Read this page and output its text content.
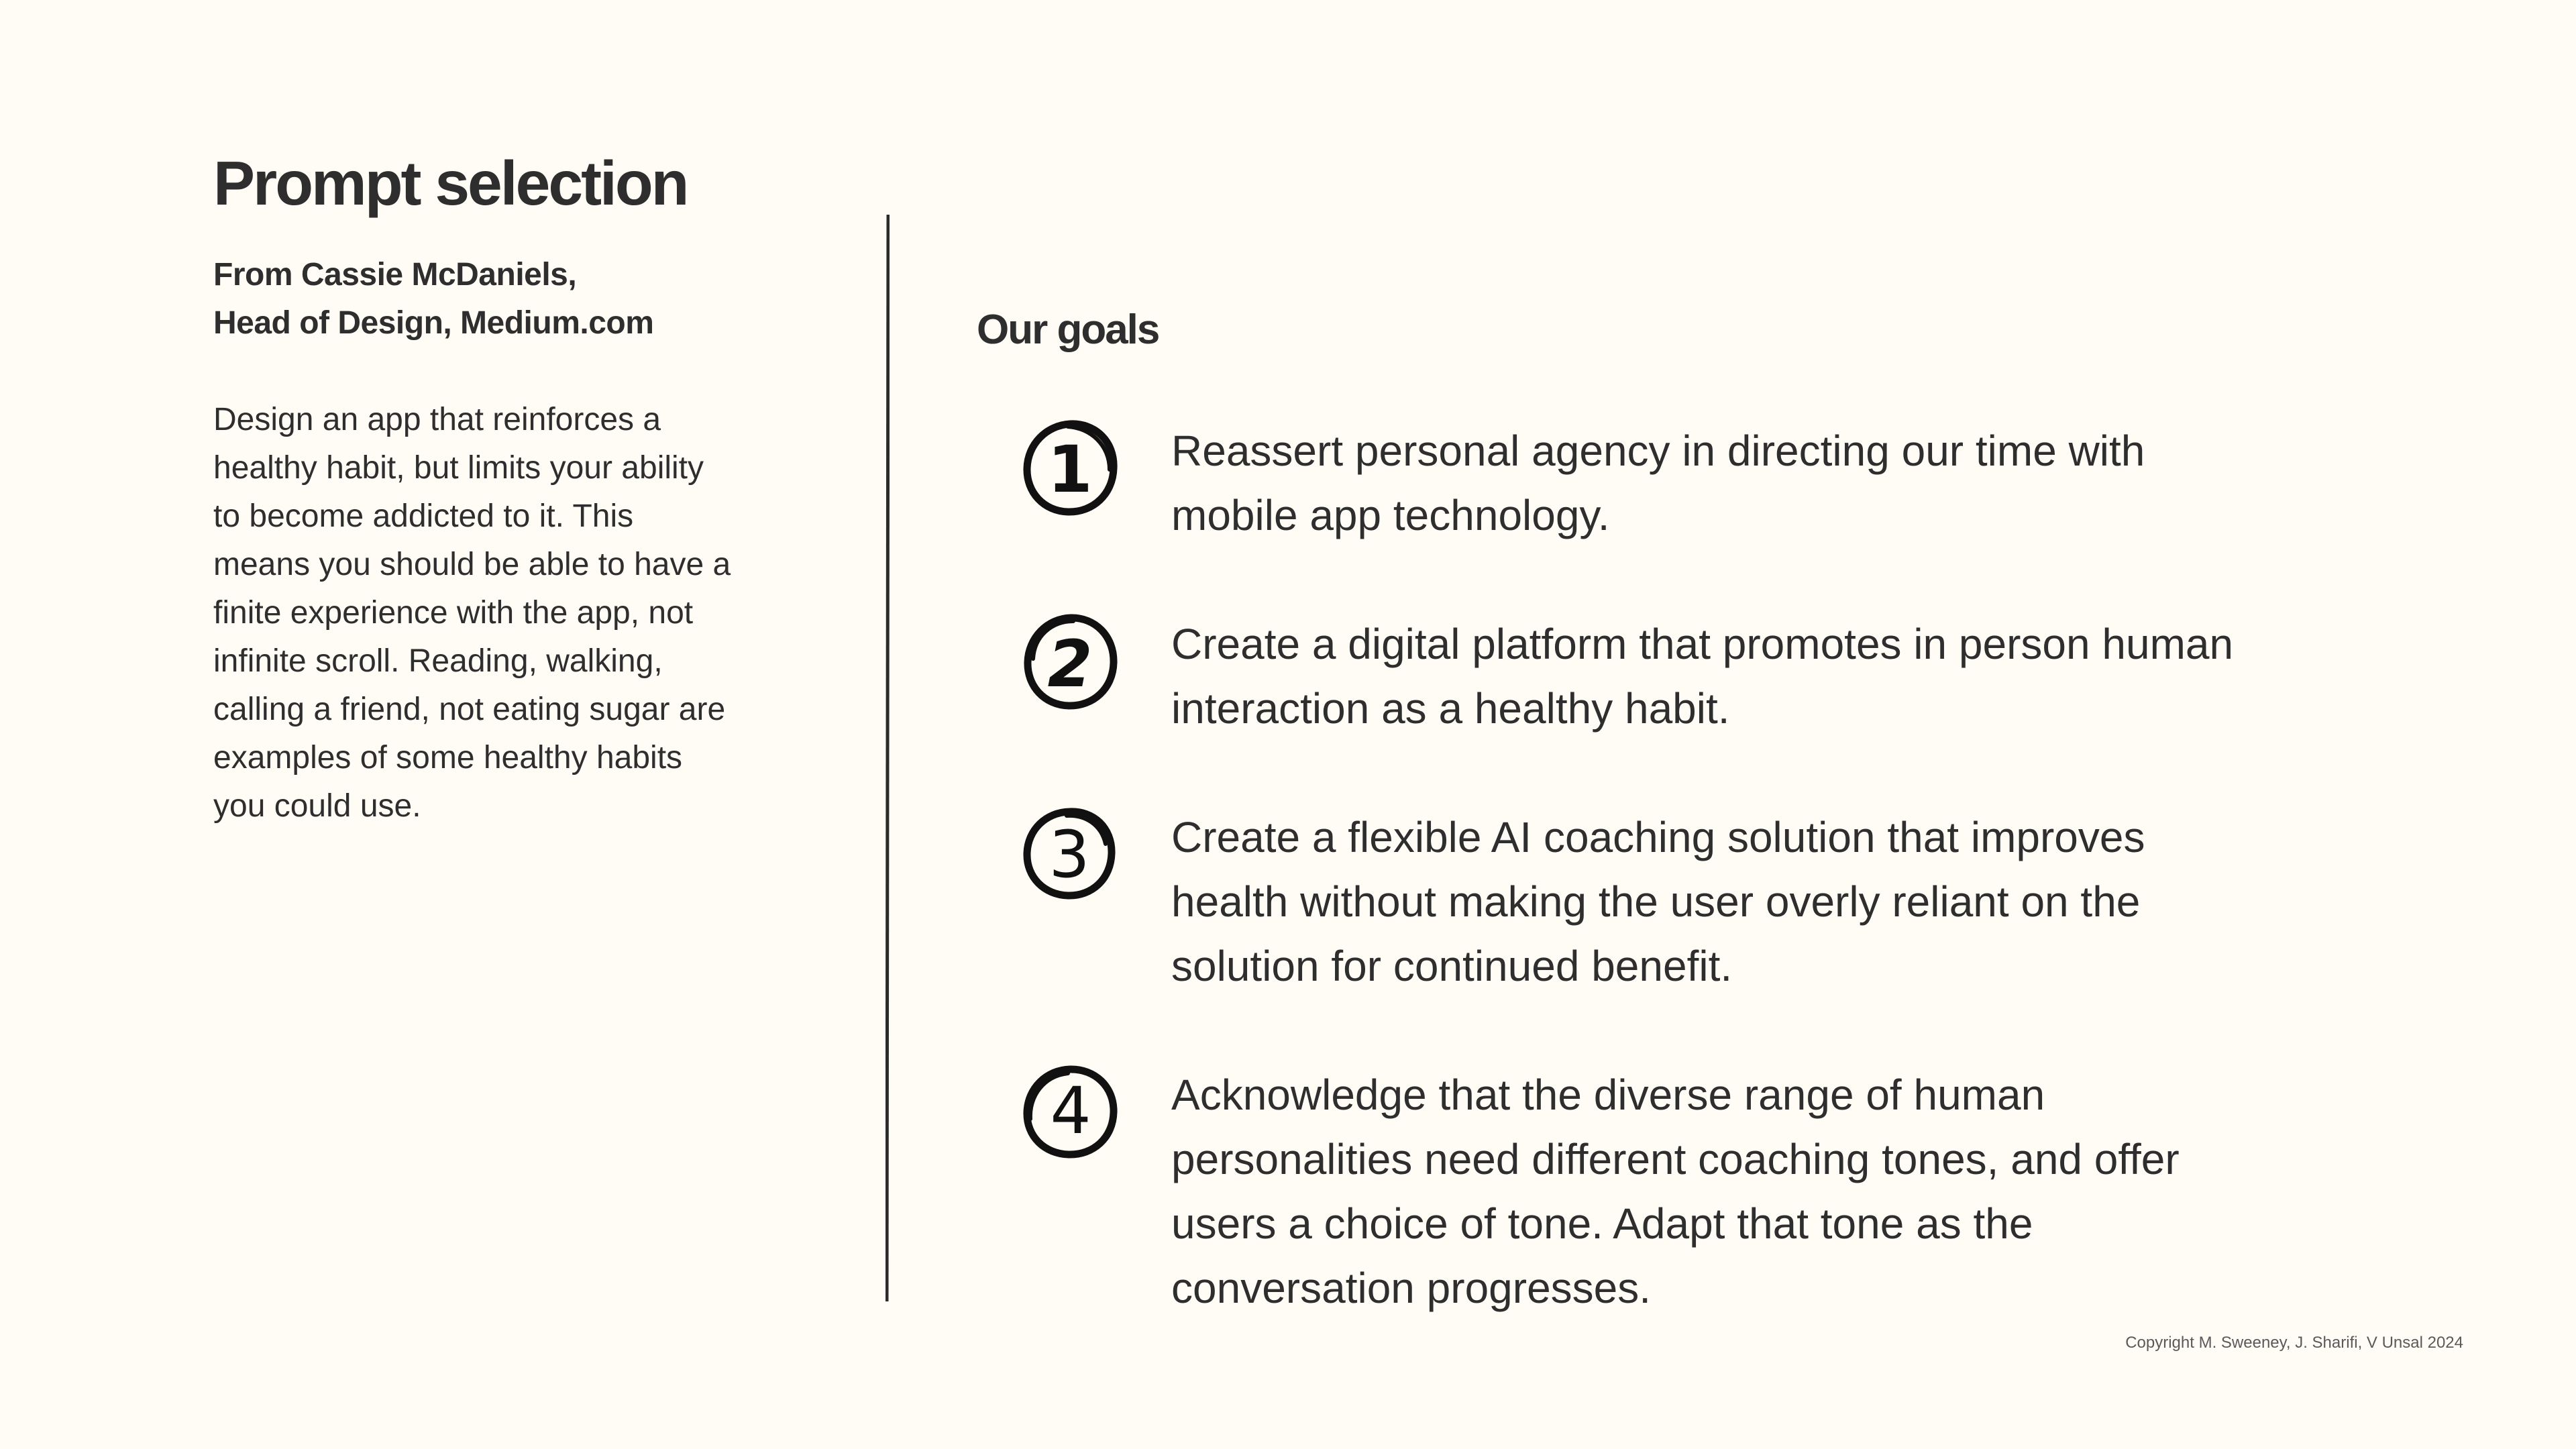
Prompt selection
From Cassie McDaniels,
Head of Design, Medium.com
Design an app that reinforces a
healthy habit, but limits your ability
to become addicted to it. This
means you should be able to have a
finite experience with the app, not
infinite scroll. Reading, walking,
calling a friend, not eating sugar are
examples of some healthy habits
you could use.
Our goals
1 Reassert personal agency in directing our time with
mobile app technology.
2 Create a digital platform that promotes in person human
interaction as a healthy habit.
3 Create a flexible AI coaching solution that improves
health without making the user overly reliant on the
solution for continued benefit.
4 Acknowledge that the diverse range of human
personalities need different coaching tones, and offer
users a choice of tone. Adapt that tone as the
conversation progresses.
Copyright M. Sweeney, J. Sharifi, V Unsal 2024
